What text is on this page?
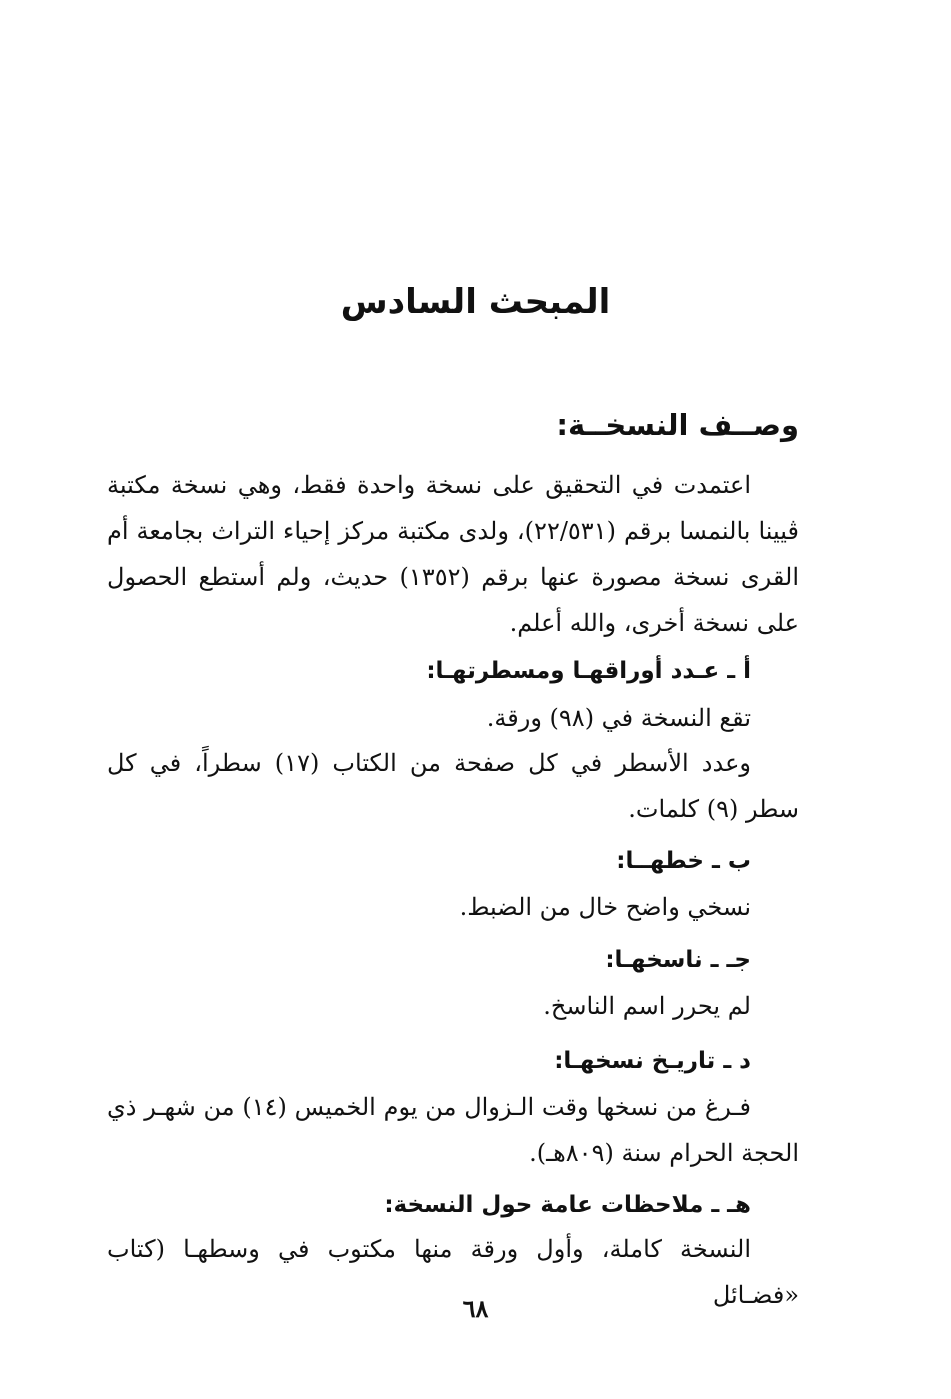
المبحث السادس
وصــف النسخــة:

اعتمدت في التحقيق على نسخة واحدة فقط، وهي نسخة مكتبة ڤيينا بالنمسا برقم (٢٢/٥٣١)، ولدى مكتبة مركز إحياء التراث بجامعة أم القرى نسخة مصورة عنها برقم (١٣٥٢) حديث، ولم أستطع الحصول على نسخة أخرى، والله أعلم.

أ ـ عـدد أوراقهـا ومسطرتهـا:
تقع النسخة في (٩٨) ورقة.

وعدد الأسطر في كل صفحة من الكتاب (١٧) سطراً، في كل سطر (٩) كلمات.

ب ـ خطهــا:
نسخي واضح خال من الضبط.
جـ ـ ناسخهـا:
لم يحرر اسم الناسخ.
د ـ تاريـخ نسخهـا:

فـرغ من نسخها وقت الـزوال من يوم الخميس (١٤) من شهـر ذي الحجة الحرام سنة (٨٠٩هـ).

هـ ـ ملاحظات عامة حول النسخة:

النسخة كاملة، وأول ورقة منها مكتوب في وسطهـا (كتاب «فضـائل

٦٨
